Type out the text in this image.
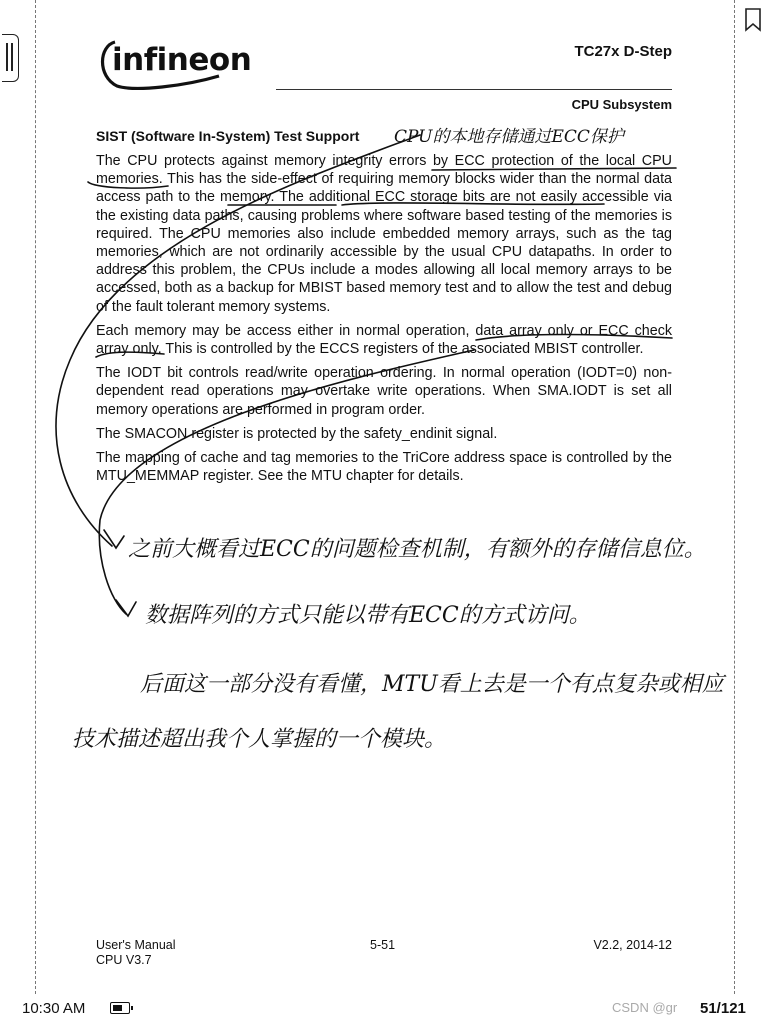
infineon	TC27x D-Step
CPU Subsystem
SIST (Software In-System) Test Support CPU的本地存储通过ECC保护

The CPU protects against memory integrity errors by ECC protection of the local CPU memories. This has the side-effect of requiring memory blocks wider than the normal data access path to the memory. The additional ECC storage bits are not easily accessible via the existing data paths, causing problems where software based testing of the memories is required. The CPU memories also include embedded memory arrays, such as the tag memories, which are not ordinarily accessible by the usual CPU datapaths. In order to address this problem, the CPUs include a modes allowing all local memory arrays to be accessed, both as a backup for MBIST based memory test and to allow the test and debug of the fault tolerant memory systems.

Each memory may be access either in normal operation, data array only or ECC check array only. This is controlled by the ECCS registers of the associated MBIST controller.

The IODT bit controls read/write operation ordering. In normal operation (IODT=0) non-dependent read operations may overtake write operations. When SMA.IODT is set all memory operations are performed in program order.

The SMACON register is protected by the safety_endinit signal.

The mapping of cache and tag memories to the TriCore address space is controlled by the MTU_MEMMAP register. See the MTU chapter for details.

之前大概看过ECC的问题检查机制，有额外的存储信息位。
数据阵列的方式只能以带有ECC的方式访问。
后面这一部分没有看懂，MTU看上去是一个有点复杂或相应
技术描述超出我个人掌握的一个模块。
User's Manual
CPU V3.7
5-51	V2.2, 2014-12
10:30 AM	CSDN @gr 51/121
